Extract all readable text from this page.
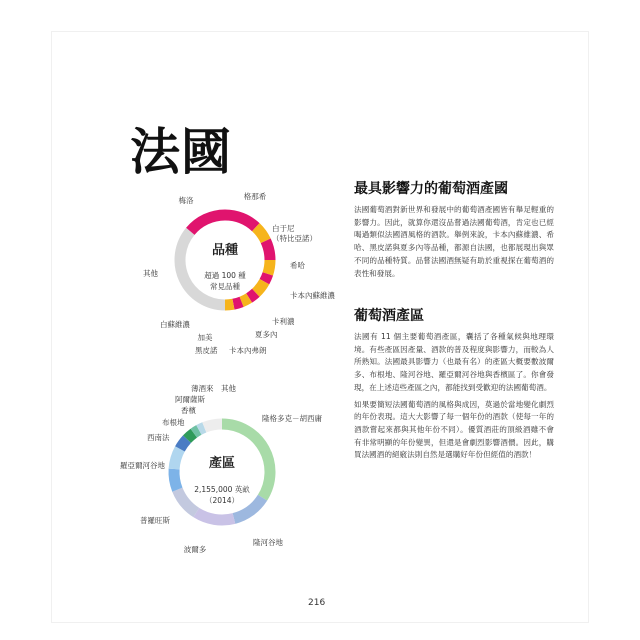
法國
格那希
白于尼（特比亞諾）
希哈
卡本內蘇維濃
卡利濃
夏多內
卡本內弗朗
黑皮諾
加美
白蘇維濃
其他
梅洛
品種
超過 100 種
常見品種
隆格多克－胡西庸
隆河谷地
波爾多
普羅旺斯
羅亞爾河谷地
西南法
布根地
香檳
阿爾薩斯
薄酒來 其他
產區
2,155,000 英畝
（2014）
最具影響力的葡萄酒產國

法國葡萄酒對新世界和發展中的葡萄酒產國皆有舉足輕重的影響力。因此，就算你還沒品嘗過法國葡萄酒，肯定也已經喝過類似法國酒風格的酒款。舉例來說，卡本內蘇維濃、希哈、黑皮諾與夏多內等品種，都源自法國，也都展現出與眾不同的品種特質。品嘗法國酒無疑有助於重視探在葡萄酒的表性和發展。

葡萄酒產區

法國有 11 個主要葡萄酒產區，囊括了各種氣候與地理環境。有些產區因產量、酒款的普及程度與影響力，而較為人所熟知。法國最具影響力（也最有名）的產區大概要數波爾多、布根地、隆河谷地、羅亞爾河谷地與香檳區了。你會發現，在上述這些產區之內，都能找到受歡迎的法國葡萄酒。

如果要簡短法國葡萄酒的風格與成因，莫過於當地變化劇烈的年份表現。這大大影響了每一個年份的酒款（使每一年的酒款嘗起來都與其他年份不同）。優質酒莊的頂級酒雖不會有非常明顯的年份變異，但還是會劇烈影響酒價。因此，購買法國酒的絕竅法則自然是選購好年份但經值的酒款！

216
